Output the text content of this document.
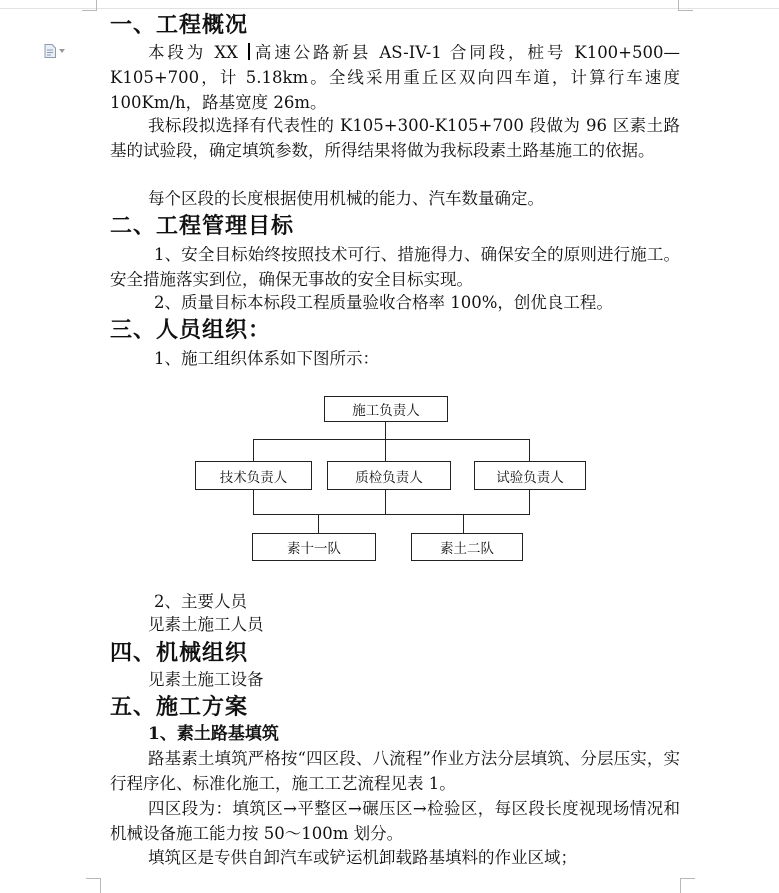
一、工程概况

本段为 XX 高速公路新县 AS-IV-1 合同段，桩号 K100+500—K105+700，计 5.18km。全线采用重丘区双向四车道，计算行车速度 100Km/h，路基宽度 26m。

我标段拟选择有代表性的 K105+300-K105+700 段做为 96 区素土路基的试验段，确定填筑参数，所得结果将做为我标段素土路基施工的依据。

每个区段的长度根据使用机械的能力、汽车数量确定。

二、工程管理目标

1、安全目标始终按照技术可行、措施得力、确保安全的原则进行施工。安全措施落实到位，确保无事故的安全目标实现。

2、质量目标本标段工程质量验收合格率 100%，创优良工程。

三、人员组织：

1、施工组织体系如下图所示：

施工负责人
技术负责人	质检负责人	试验负责人
素十一队	素土二队

2、主要人员

见素土施工人员

四、机械组织

见素土施工设备

五、施工方案
1、素土路基填筑

路基素土填筑严格按“四区段、八流程”作业方法分层填筑、分层压实，实行程序化、标准化施工，施工工艺流程见表 1。

四区段为：填筑区→平整区→碾压区→检验区，每区段长度视现场情况和机械设备施工能力按 50～100m 划分。

填筑区是专供自卸汽车或铲运机卸载路基填料的作业区域；
